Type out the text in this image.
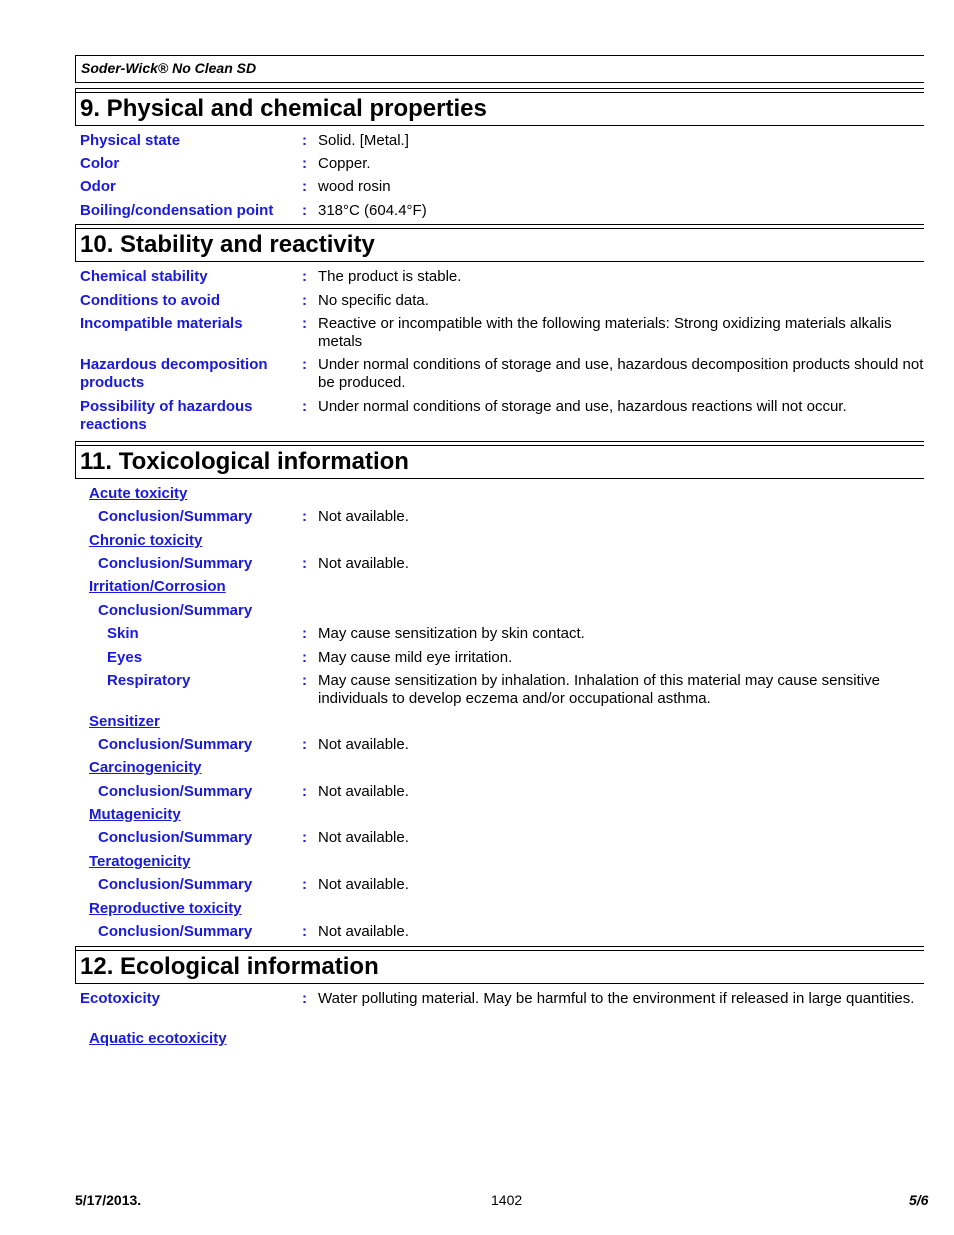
Soder-Wick® No Clean SD
9. Physical and chemical properties
Physical state	: Solid. [Metal.]
Color	: Copper.
Odor	: wood rosin
Boiling/condensation point : 318°C (604.4°F)
10. Stability and reactivity
Chemical stability	: The product is stable.
Conditions to avoid	: No specific data.
Incompatible materials	: Reactive or incompatible with the following materials: Strong oxidizing materials alkalis metals
Hazardous decomposition products
: Under normal conditions of storage and use, hazardous decomposition products should not be produced.
Possibility of hazardous reactions
: Under normal conditions of storage and use, hazardous reactions will not occur.
11. Toxicological information
Acute toxicity
Conclusion/Summary	: Not available.
Chronic toxicity
Conclusion/Summary	: Not available.
Irritation/Corrosion
Conclusion/Summary
Skin	: May cause sensitization by skin contact.
Eyes	: May cause mild eye irritation.
Respiratory	: May cause sensitization by inhalation. Inhalation of this material may cause sensitive individuals to develop eczema and/or occupational asthma.
Sensitizer
Conclusion/Summary	: Not available.
Carcinogenicity
Conclusion/Summary	: Not available.
Mutagenicity
Conclusion/Summary	: Not available.
Teratogenicity
Conclusion/Summary	: Not available.
Reproductive toxicity
Conclusion/Summary	: Not available.
12. Ecological information
Ecotoxicity	: Water polluting material. May be harmful to the environment if released in large quantities.
Aquatic ecotoxicity
5/17/2013.	1402	5/6
